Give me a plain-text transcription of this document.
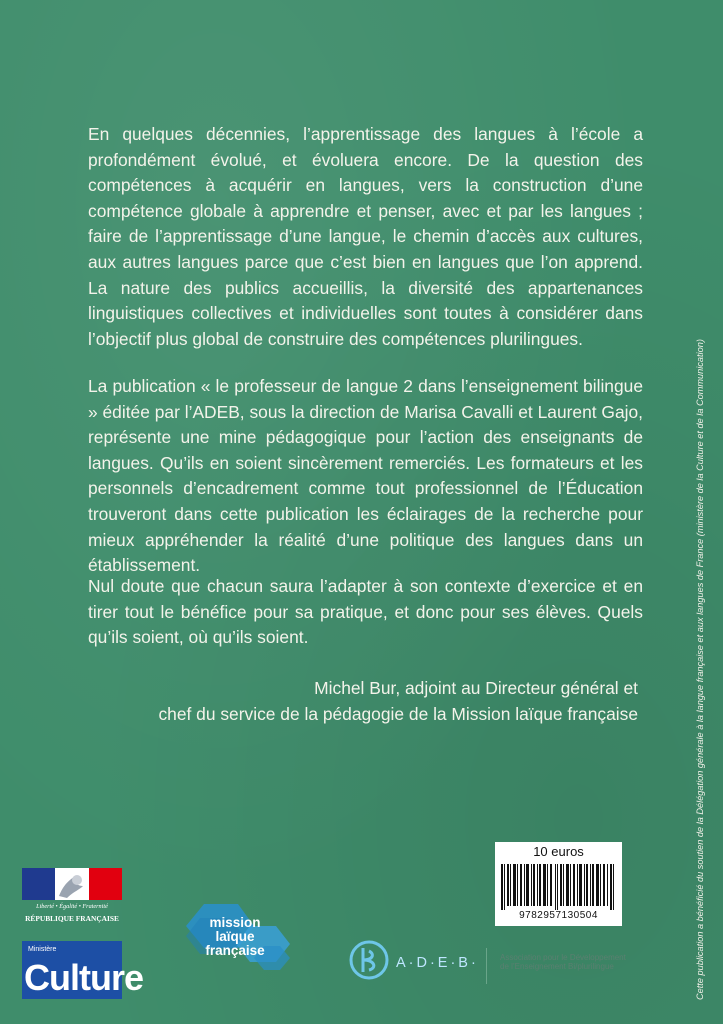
En quelques décennies, l’apprentissage des langues à l’école a profondément évolué, et évoluera encore. De la question des compétences à acquérir en langues, vers la construction d’une compétence globale à apprendre et penser, avec et par les langues ; faire de l’apprentissage d’une langue, le chemin d’accès aux cultures, aux autres langues parce que c’est bien en langues que l’on apprend. La nature des publics accueillis, la diversité des appartenances linguistiques collectives et individuelles sont toutes à considérer dans l’objectif plus global de construire des compétences plurilingues.

La publication « le professeur de langue 2 dans l’enseignement bilingue » éditée par l’ADEB, sous la direction de Marisa Cavalli et Laurent Gajo, représente une mine pédagogique pour l’action des enseignants de langues. Qu’ils en soient sincèrement remerciés. Les formateurs et les personnels d’encadrement comme tout professionnel de l’Éducation trouveront dans cette publication les éclairages de la recherche pour mieux appréhender la réalité d’une politique des langues dans un établissement.

Nul doute que chacun saura l’adapter à son contexte d’exercice et en tirer tout le bénéfice pour sa pratique, et donc pour ses élèves. Quels qu’ils soient, où qu’ils soient.

Michel Bur, adjoint au Directeur général et
chef du service de la pédagogie de la Mission laïque française	Cette publication a bénéficié du soutien de la Délégation générale à la langue française et aux langues de France (ministère de la Culture et de la Communication)
10 euros
9782957130504
Liberté • Égalité • Fraternité
RÉPUBLIQUE FRANÇAISE
Ministère
Culture
mission laïque française
A·D·E·B·	Association pour le Développement
de l’Enseignement Bi/plurilingue
